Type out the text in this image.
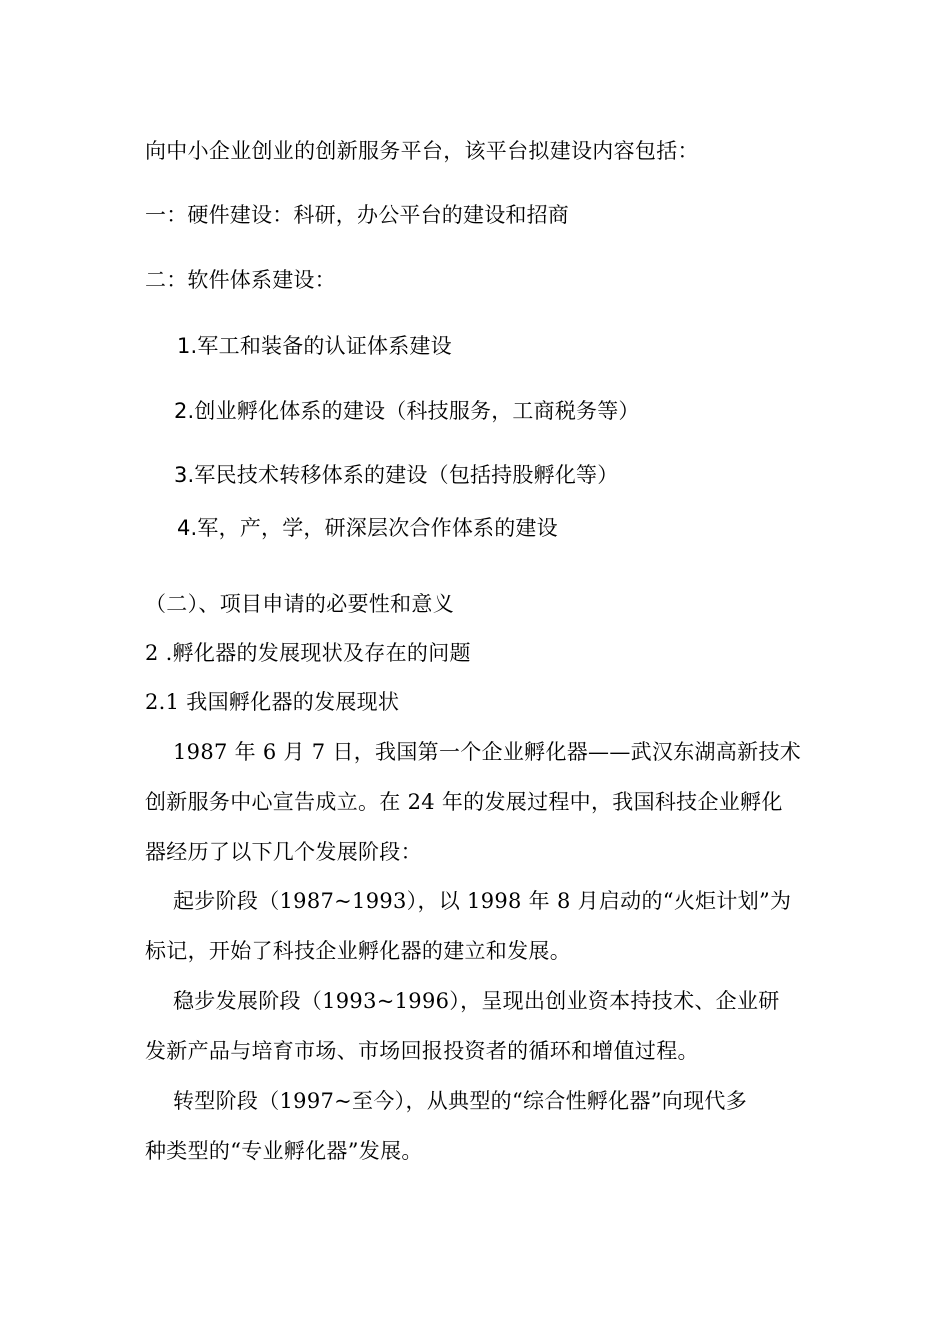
向中小企业创业的创新服务平台，该平台拟建设内容包括：
一：硬件建设：科研，办公平台的建设和招商
二：软件体系建设：
1.军工和装备的认证体系建设
2.创业孵化体系的建设（科技服务，工商税务等）
3.军民技术转移体系的建设（包括持股孵化等）
4.军，产，学，研深层次合作体系的建设
（二）、项目申请的必要性和意义
2 .孵化器的发展现状及存在的问题
2.1 我国孵化器的发展现状
1987 年 6 月 7 日，我国第一个企业孵化器——武汉东湖高新技术
创新服务中心宣告成立。在 24 年的发展过程中，我国科技企业孵化
器经历了以下几个发展阶段：
起步阶段（1987~1993），以 1998 年 8 月启动的“火炬计划”为
标记，开始了科技企业孵化器的建立和发展。
稳步发展阶段（1993~1996），呈现出创业资本持技术、企业研
发新产品与培育市场、市场回报投资者的循环和增值过程。
转型阶段（1997~至今），从典型的“综合性孵化器”向现代多
种类型的“专业孵化器”发展。
